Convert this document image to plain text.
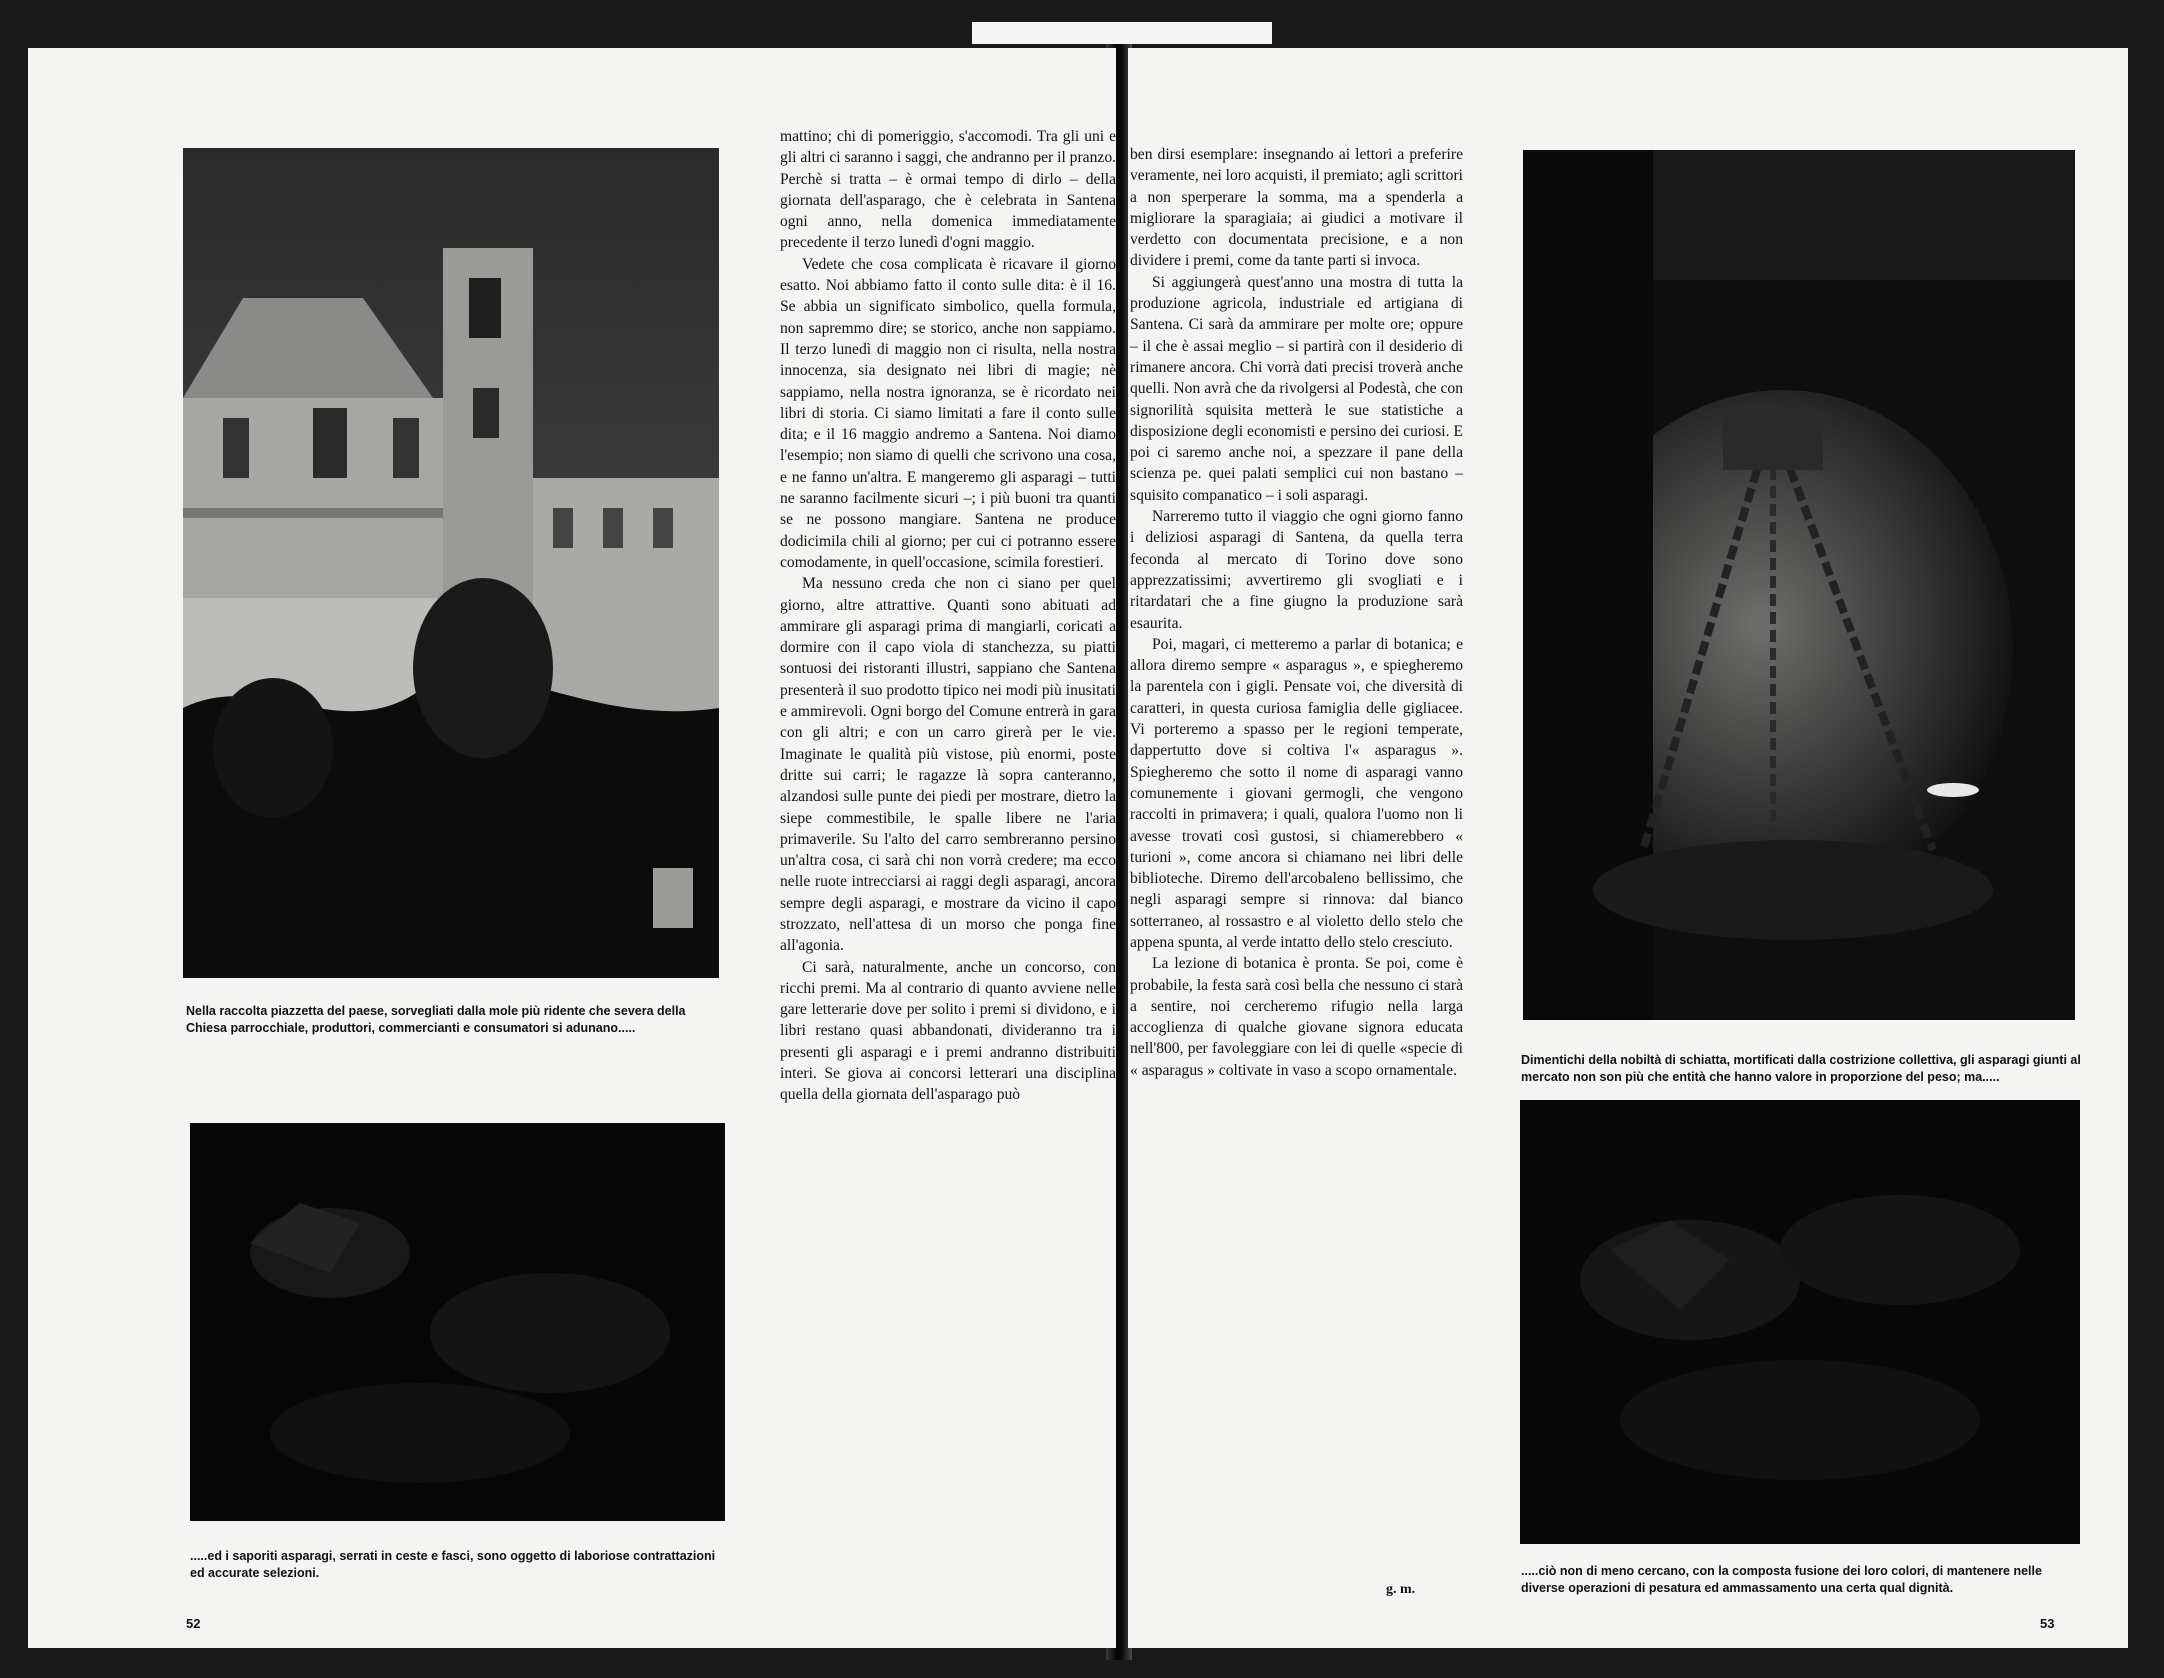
Nella raccolta piazzetta del paese, sorvegliati dalla mole più ridente che severa della Chiesa parrocchiale, produttori, commercianti e consumatori si adunano.....

.....ed i saporiti asparagi, serrati in ceste e fasci, sono oggetto di laboriose contrattazioni ed accurate selezioni.

mattino; chi di pomeriggio, s'accomodi. Tra gli uni e gli altri ci saranno i saggi, che andranno per il pranzo. Perchè si tratta – è ormai tempo di dirlo – della giornata dell'asparago, che è celebrata in Santena ogni anno, nella domenica immediatamente precedente il terzo lunedì d'ogni maggio.

Vedete che cosa complicata è ricavare il giorno esatto. Noi abbiamo fatto il conto sulle dita: è il 16. Se abbia un significato simbolico, quella formula, non sapremmo dire; se storico, anche non sappiamo. Il terzo lunedì di maggio non ci risulta, nella nostra innocenza, sia designato nei libri di magie; nè sappiamo, nella nostra ignoranza, se è ricordato nei libri di storia. Ci siamo limitati a fare il conto sulle dita; e il 16 maggio andremo a Santena. Noi diamo l'esempio; non siamo di quelli che scrivono una cosa, e ne fanno un'altra. E mangeremo gli asparagi – tutti ne saranno facilmente sicuri –; i più buoni tra quanti se ne possono mangiare. Santena ne produce dodicimila chili al giorno; per cui ci potranno essere comodamente, in quell'occasione, scimila forestieri.

Ma nessuno creda che non ci siano per quel giorno, altre attrattive. Quanti sono abituati ad ammirare gli asparagi prima di mangiarli, coricati a dormire con il capo viola di stanchezza, su piatti sontuosi dei ristoranti illustri, sappiano che Santena presenterà il suo prodotto tipico nei modi più inusitati e ammirevoli. Ogni borgo del Comune entrerà in gara con gli altri; e con un carro girerà per le vie. Imaginate le qualità più vistose, più enormi, poste dritte sui carri; le ragazze là sopra canteranno, alzandosi sulle punte dei piedi per mostrare, dietro la siepe commestibile, le spalle libere ne l'aria primaverile. Su l'alto del carro sembreranno persino un'altra cosa, ci sarà chi non vorrà credere; ma ecco nelle ruote intrecciarsi ai raggi degli asparagi, ancora sempre degli asparagi, e mostrare da vicino il capo strozzato, nell'attesa di un morso che ponga fine all'agonia.

Ci sarà, naturalmente, anche un concorso, con ricchi premi. Ma al contrario di quanto avviene nelle gare letterarie dove per solito i premi si dividono, e i libri restano quasi abbandonati, divideranno tra i presenti gli asparagi e i premi andranno distribuiti interi. Se giova ai concorsi letterari una disciplina quella della giornata dell'asparago può

52

ben dirsi esemplare: insegnando ai lettori a preferire veramente, nei loro acquisti, il premiato; agli scrittori a non sperperare la somma, ma a spenderla a migliorare la sparagiaia; ai giudici a motivare il verdetto con documentata precisione, e a non dividere i premi, come da tante parti si invoca.

Si aggiungerà quest'anno una mostra di tutta la produzione agricola, industriale ed artigiana di Santena. Ci sarà da ammirare per molte ore; oppure – il che è assai meglio – si partirà con il desiderio di rimanere ancora. Chi vorrà dati precisi troverà anche quelli. Non avrà che da rivolgersi al Podestà, che con signorilità squisita metterà le sue statistiche a disposizione degli economisti e persino dei curiosi. E poi ci saremo anche noi, a spezzare il pane della scienza pe. quei palati semplici cui non bastano – squisito companatico – i soli asparagi.

Narreremo tutto il viaggio che ogni giorno fanno i deliziosi asparagi di Santena, da quella terra feconda al mercato di Torino dove sono apprezzatissimi; avvertiremo gli svogliati e i ritardatari che a fine giugno la produzione sarà esaurita.

Poi, magari, ci metteremo a parlar di botanica; e allora diremo sempre « asparagus », e spiegheremo la parentela con i gigli. Pensate voi, che diversità di caratteri, in questa curiosa famiglia delle gigliacee. Vi porteremo a spasso per le regioni temperate, dappertutto dove si coltiva l'« asparagus ». Spiegheremo che sotto il nome di asparagi vanno comunemente i giovani germogli, che vengono raccolti in primavera; i quali, qualora l'uomo non li avesse trovati così gustosi, si chiamerebbero « turioni », come ancora si chiamano nei libri delle biblioteche. Diremo dell'arcobaleno bellissimo, che negli asparagi sempre si rinnova: dal bianco sotterraneo, al rossastro e al violetto dello stelo che appena spunta, al verde intatto dello stelo cresciuto.

La lezione di botanica è pronta. Se poi, come è probabile, la festa sarà così bella che nessuno ci starà a sentire, noi cercheremo rifugio nella larga accoglienza di qualche giovane signora educata nell'800, per favoleggiare con lei di quelle «specie di « asparagus » coltivate in vaso a scopo ornamentale.

g. m.

Dimentichi della nobiltà di schiatta, mortificati dalla costrizione collettiva, gli asparagi giunti al mercato non son più che entità che hanno valore in proporzione del peso; ma.....

.....ciò non di meno cercano, con la composta fusione dei loro colori, di mantenere nelle diverse operazioni di pesatura ed ammassamento una certa qual dignità.

53
